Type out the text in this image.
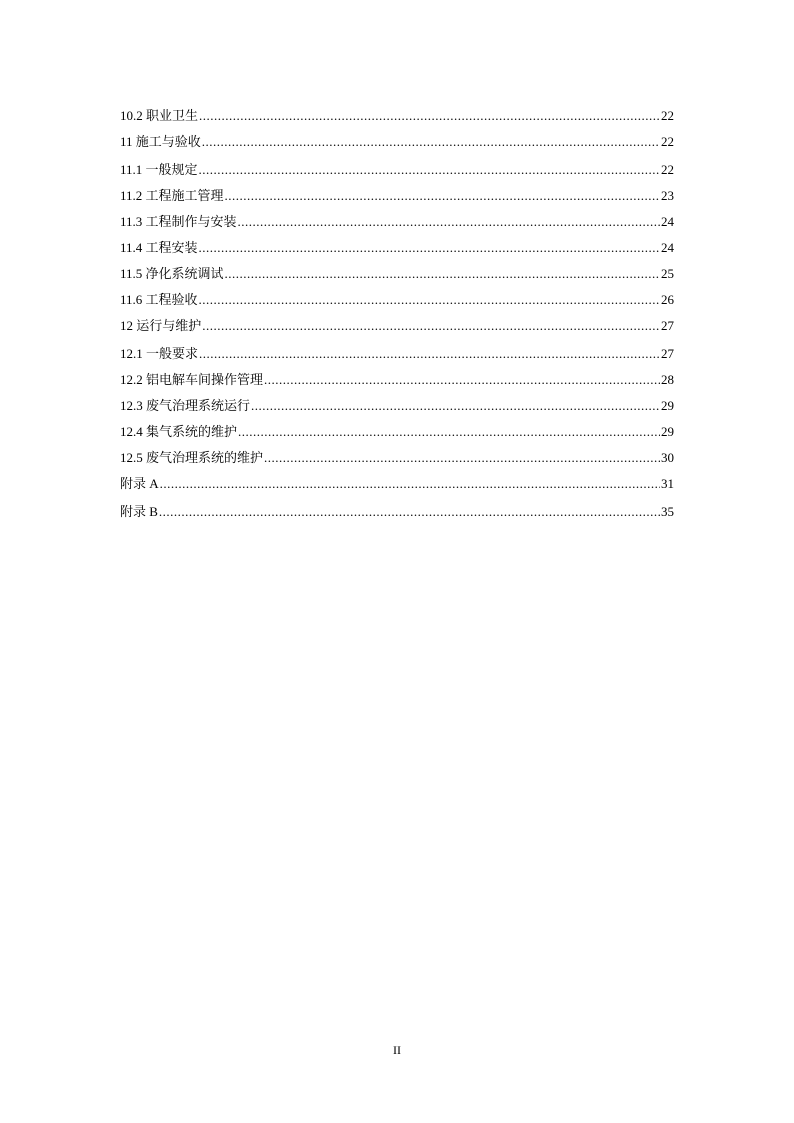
10.2 职业卫生 .....	22
11 施工与验收 .....	22
11.1 一般规定 .....	22
11.2 工程施工管理 .....	23
11.3 工程制作与安装 .....	24
11.4 工程安装 .....	24
11.5 净化系统调试 .....	25
11.6 工程验收 .....	26
12 运行与维护 .....	27
12.1 一般要求 .....	27
12.2 铝电解车间操作管理 .....	28
12.3 废气治理系统运行 .....	29
12.4 集气系统的维护 .....	29
12.5 废气治理系统的维护 .....	30
附录 A .....	31
附录 B .....	35
II
